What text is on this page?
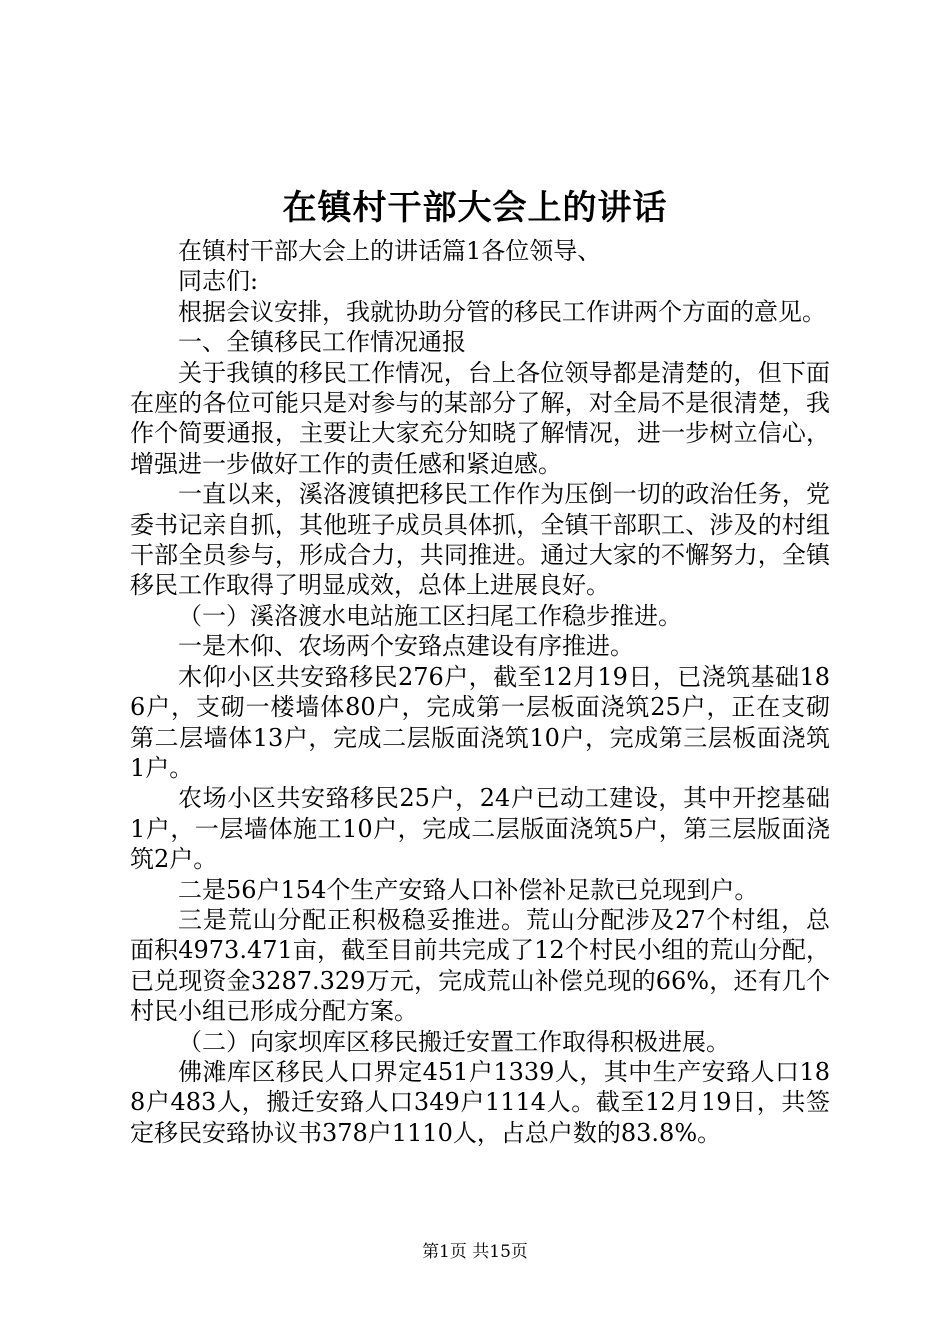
在镇村干部大会上的讲话

在镇村干部大会上的讲话篇1各位领导、

同志们:

根据会议安排，我就协助分管的移民工作讲两个方面的意见。

一、全镇移民工作情况通报

关于我镇的移民工作情况，台上各位领导都是清楚的，但下面在座的各位可能只是对参与的某部分了解，对全局不是很清楚，我作个简要通报，主要让大家充分知晓了解情况，进一步树立信心，增强进一步做好工作的责任感和紧迫感。

一直以来，溪洛渡镇把移民工作作为压倒一切的政治任务，党委书记亲自抓，其他班子成员具体抓，全镇干部职工、涉及的村组干部全员参与，形成合力，共同推进。通过大家的不懈努力，全镇移民工作取得了明显成效，总体上进展良好。

（一）溪洛渡水电站施工区扫尾工作稳步推进。

一是木仰、农场两个安臵点建设有序推进。

木仰小区共安臵移民276户，截至12月19日，已浇筑基础186户，支砌一楼墙体80户，完成第一层板面浇筑25户，正在支砌第二层墙体13户，完成二层版面浇筑10户，完成第三层板面浇筑1户。

农场小区共安臵移民25户，24户已动工建设，其中开挖基础1户，一层墙体施工10户，完成二层版面浇筑5户，第三层版面浇筑2户。

二是56户154个生产安臵人口补偿补足款已兑现到户。

三是荒山分配正积极稳妥推进。荒山分配涉及27个村组，总面积4973.471亩，截至目前共完成了12个村民小组的荒山分配，已兑现资金3287.329万元，完成荒山补偿兑现的66%，还有几个村民小组已形成分配方案。

（二）向家坝库区移民搬迁安置工作取得积极进展。

佛滩库区移民人口界定451户1339人，其中生产安臵人口188户483人，搬迁安臵人口349户1114人。截至12月19日，共签定移民安臵协议书378户1110人，占总户数的83.8%。

第1页 共15页
